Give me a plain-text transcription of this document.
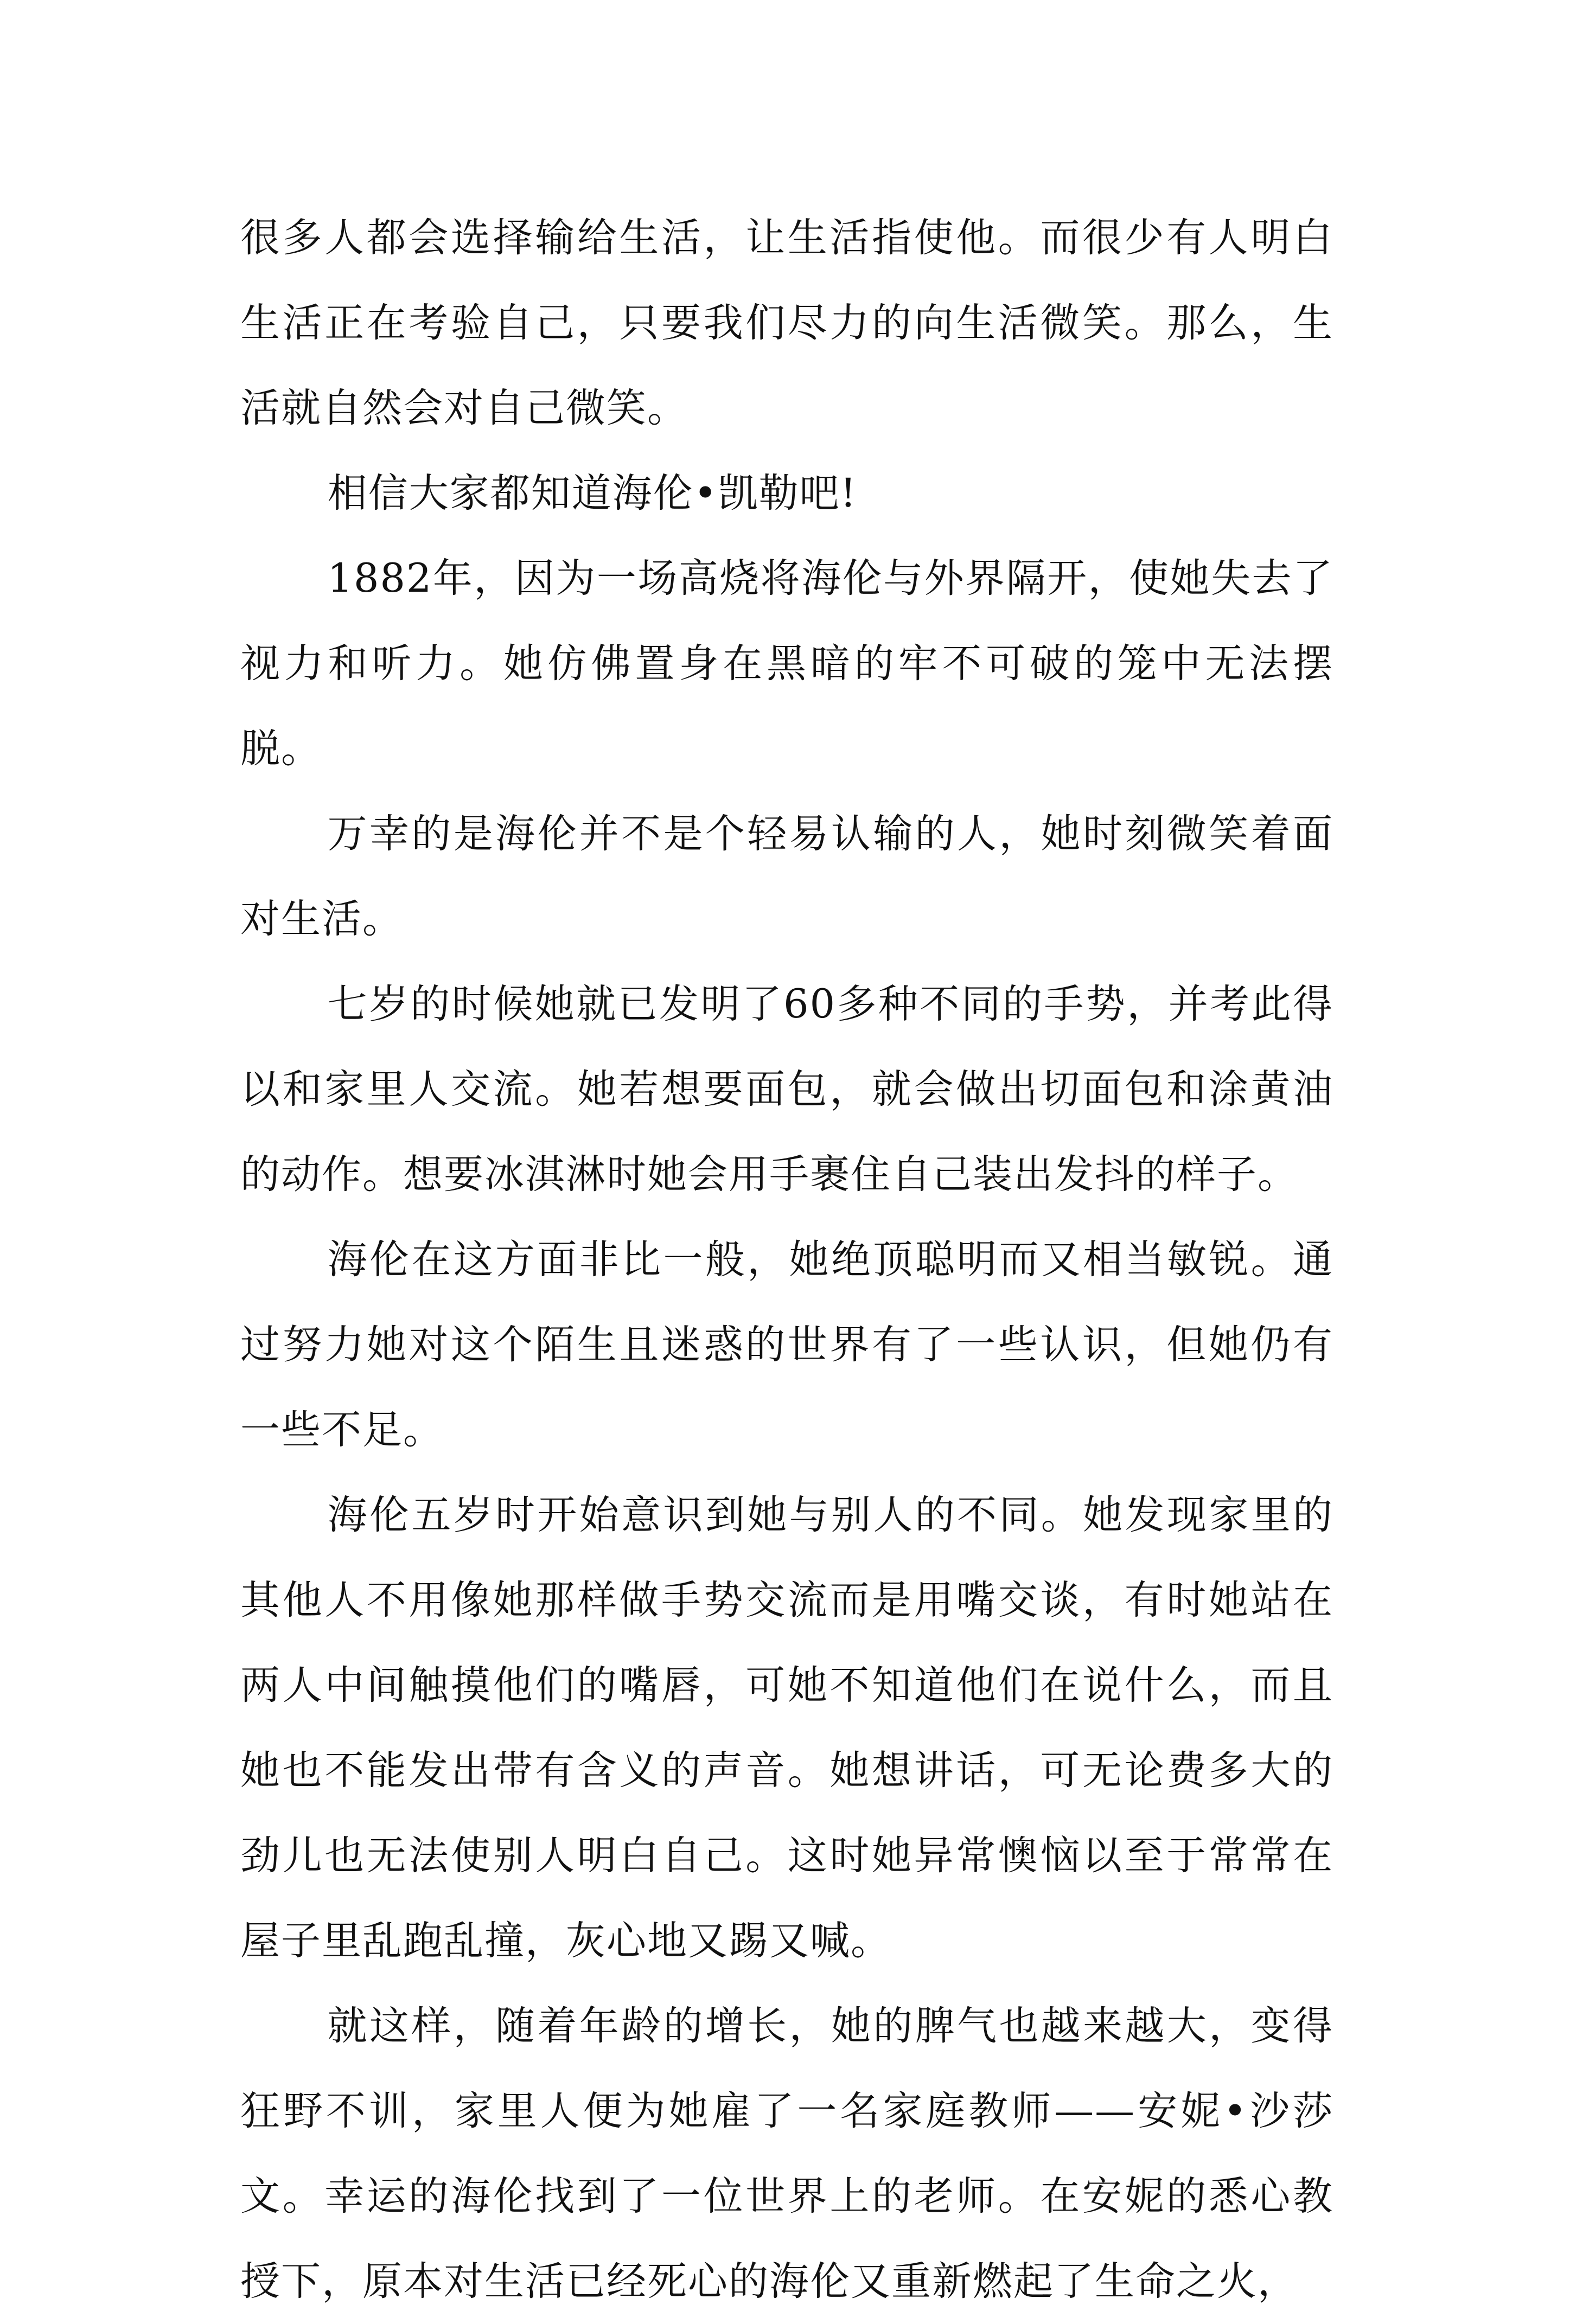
很多人都会选择输给生活，让生活指使他。而很少有人明白生活正在考验自己，只要我们尽力的向生活微笑。那么，生活就自然会对自己微笑。

相信大家都知道海伦•凯勒吧!

1882年，因为一场高烧将海伦与外界隔开，使她失去了视力和听力。她仿佛置身在黑暗的牢不可破的笼中无法摆脱。

万幸的是海伦并不是个轻易认输的人，她时刻微笑着面对生活。

七岁的时候她就已发明了60多种不同的手势，并考此得以和家里人交流。她若想要面包，就会做出切面包和涂黄油的动作。想要冰淇淋时她会用手裹住自己装出发抖的样子。

海伦在这方面非比一般，她绝顶聪明而又相当敏锐。通过努力她对这个陌生且迷惑的世界有了一些认识，但她仍有一些不足。

海伦五岁时开始意识到她与别人的不同。她发现家里的其他人不用像她那样做手势交流而是用嘴交谈，有时她站在两人中间触摸他们的嘴唇，可她不知道他们在说什么，而且她也不能发出带有含义的声音。她想讲话，可无论费多大的劲儿也无法使别人明白自己。这时她异常懊恼以至于常常在屋子里乱跑乱撞，灰心地又踢又喊。

就这样，随着年龄的增长，她的脾气也越来越大，变得狂野不训，家里人便为她雇了一名家庭教师——安妮•沙莎文。幸运的海伦找到了一位世界上的老师。在安妮的悉心教授下，原本对生活已经死心的海伦又重新燃起了生命之火，
